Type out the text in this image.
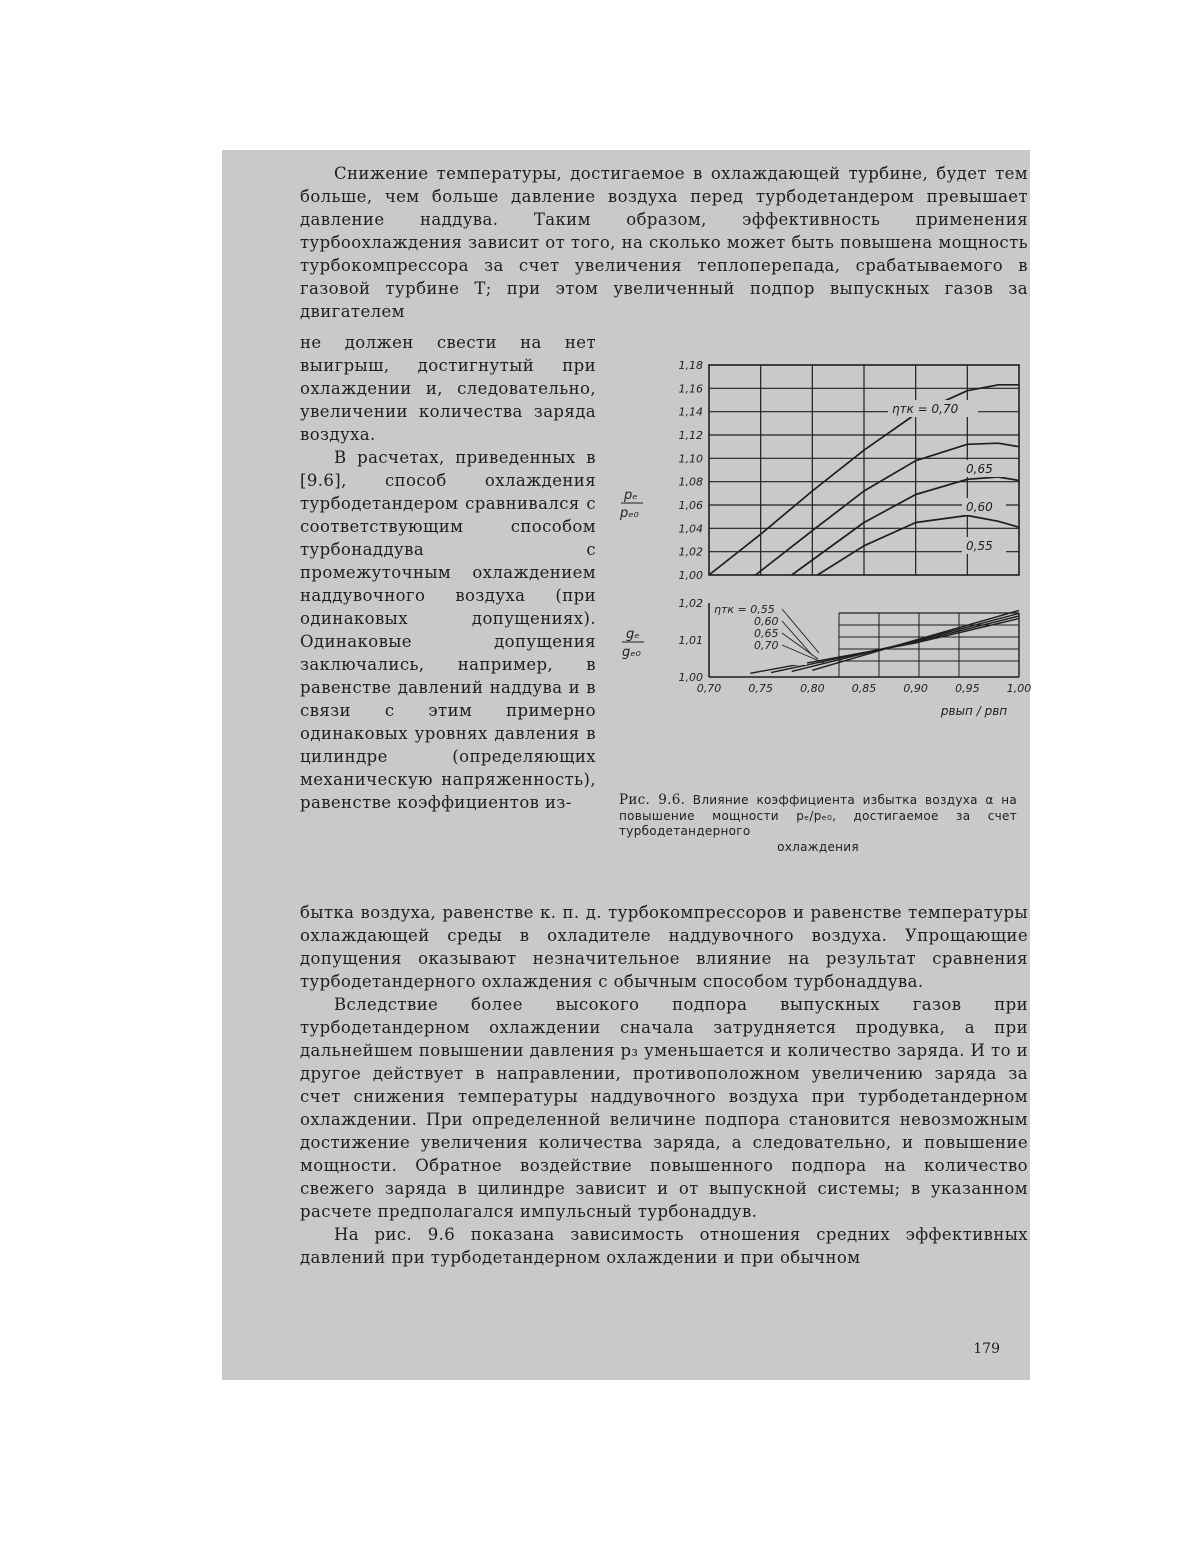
Снижение температуры, достигаемое в охлаждающей турбине, будет тем больше, чем больше давление воздуха перед турбодетандером превышает давление наддува. Таким образом, эффективность применения турбоохлаждения зависит от того, на сколько может быть повышена мощность турбокомпрессора за счет увеличения теплоперепада, срабатываемого в газовой турбине Т; при этом увеличенный подпор выпускных газов за двигателем

не должен свести на нет выигрыш, достигнутый при охлаждении и, следовательно, увеличении количества заряда воздуха.

В расчетах, приведенных в [9.6], способ охлаждения турбодетандером сравнивался с соответствующим способом турбонаддува с промежуточным охлаждением наддувочного воздуха (при одинаковых допущениях). Одинаковые допущения заключались, например, в равенстве давлений наддува и в связи с этим примерно одинаковых уровнях давления в цилиндре (определяющих механическую напряженность), равенстве коэффициентов из-

1,18
1,16
1,14
1,12
1,10
1,08
1,06
1,04
1,02
1,00
pₑ
pₑ₀
ηтк = 0,70
0,65
0,60
0,55
ηтк = 0,55
0,60
0,65
0,70
1,02
1,01
1,00
gₑ
gₑ₀
0,70 0,75 0,80 0,85 0,90 0,95 1,00
pвып / pвп
Рис. 9.6. Влияние коэффициента избытка воздуха α на повышение мощности pₑ/pₑ₀, достигаемое за счет турбодетандерного
охлаждения

бытка воздуха, равенстве к. п. д. турбокомпрессоров и равенстве температуры охлаждающей среды в охладителе наддувочного воздуха. Упрощающие допущения оказывают незначительное влияние на результат сравнения турбодетандерного охлаждения с обычным способом турбонаддува.

Вследствие более высокого подпора выпускных газов при турбодетандерном охлаждении сначала затрудняется продувка, а при дальнейшем повышении давления p₃ уменьшается и количество заряда. И то и другое действует в направлении, противоположном увеличению заряда за счет снижения температуры наддувочного воздуха при турбодетандерном охлаждении. При определенной величине подпора становится невозможным достижение увеличения количества заряда, а следовательно, и повышение мощности. Обратное воздействие повышенного подпора на количество свежего заряда в цилиндре зависит и от выпускной системы; в указанном расчете предполагался импульсный турбонаддув.

На рис. 9.6 показана зависимость отношения средних эффективных давлений при турбодетандерном охлаждении и при обычном

179
